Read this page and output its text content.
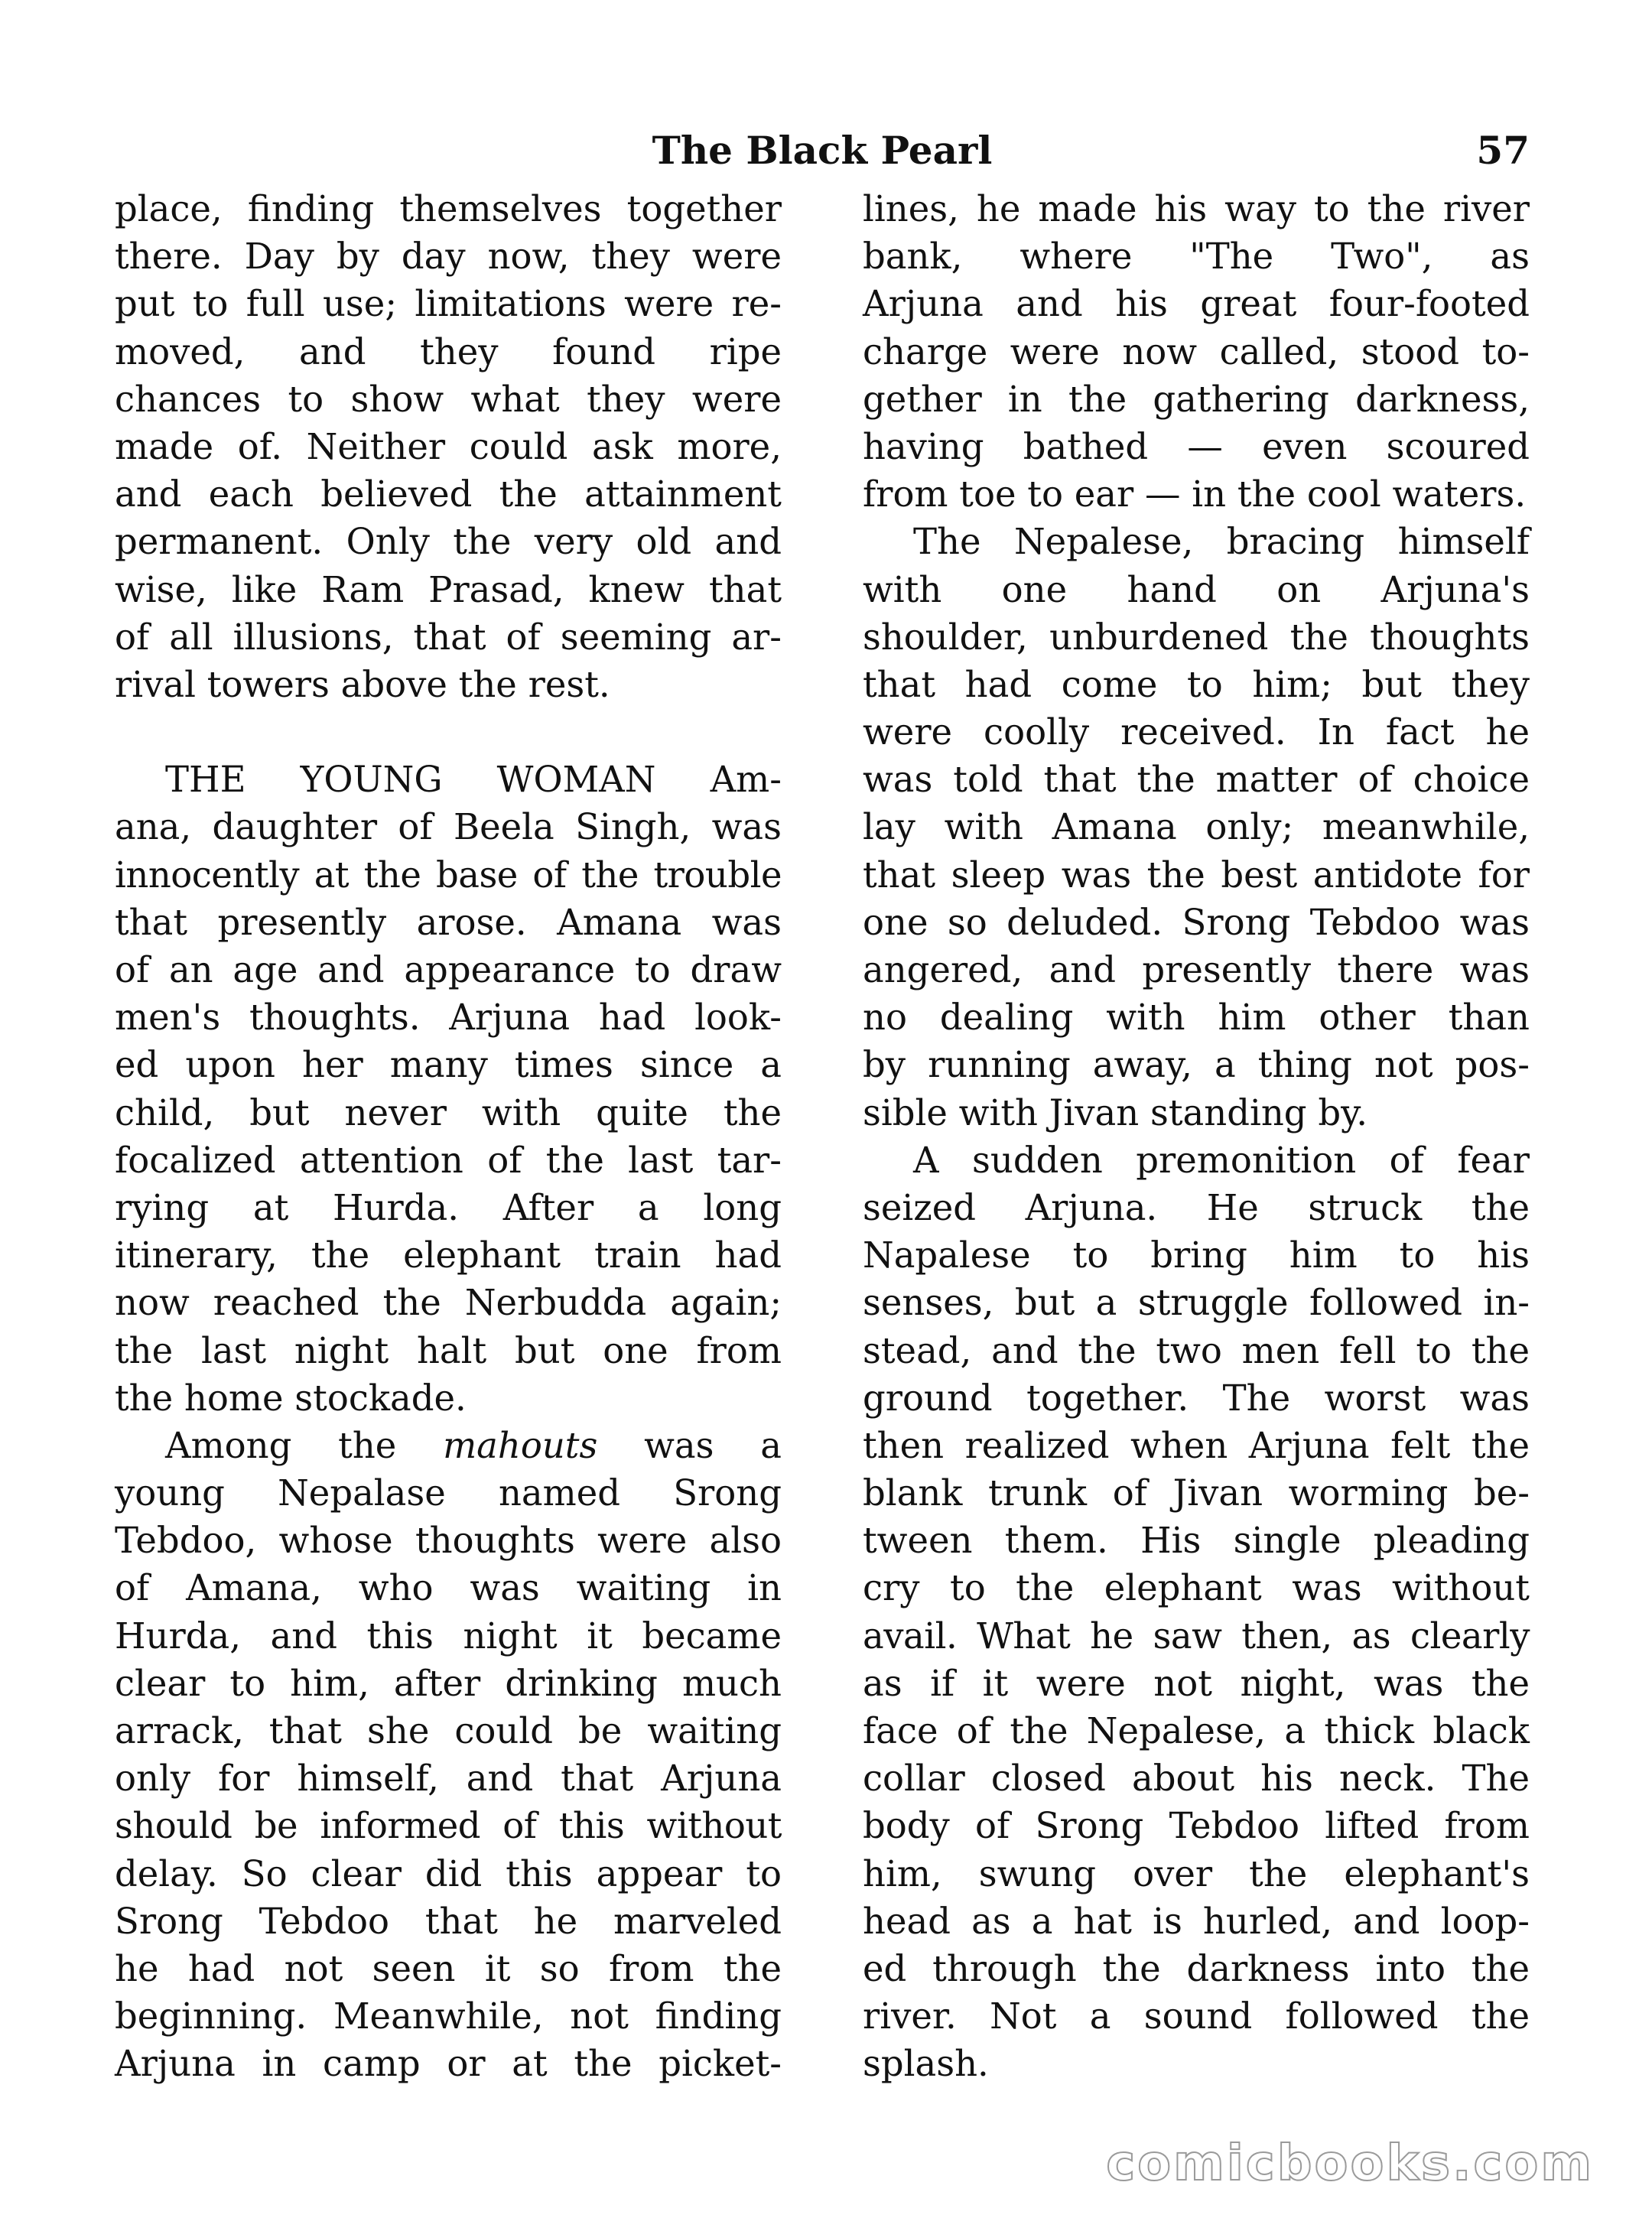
The Black Pearl	57
place, finding themselves together
there. Day by day now, they were
put to full use; limitations were re-
moved, and they found ripe
chances to show what they were
made of. Neither could ask more,
and each believed the attainment
permanent. Only the very old and
wise, like Ram Prasad, knew that
of all illusions, that of seeming ar-
rival towers above the rest.
THE YOUNG WOMAN Am-
ana, daughter of Beela Singh, was
innocently at the base of the trouble
that presently arose. Amana was
of an age and appearance to draw
men's thoughts. Arjuna had look-
ed upon her many times since a
child, but never with quite the
focalized attention of the last tar-
rying at Hurda. After a long
itinerary, the elephant train had
now reached the Nerbudda again;
the last night halt but one from
the home stockade.
Among the mahouts was a
young Nepalase named Srong
Tebdoo, whose thoughts were also
of Amana, who was waiting in
Hurda, and this night it became
clear to him, after drinking much
arrack, that she could be waiting
only for himself, and that Arjuna
should be informed of this without
delay. So clear did this appear to
Srong Tebdoo that he marveled
he had not seen it so from the
beginning. Meanwhile, not finding
Arjuna in camp or at the picket-
lines, he made his way to the river
bank, where "The Two", as
Arjuna and his great four-footed
charge were now called, stood to-
gether in the gathering darkness,
having bathed — even scoured
from toe to ear — in the cool waters.
The Nepalese, bracing himself
with one hand on Arjuna's
shoulder, unburdened the thoughts
that had come to him; but they
were coolly received. In fact he
was told that the matter of choice
lay with Amana only; meanwhile,
that sleep was the best antidote for
one so deluded. Srong Tebdoo was
angered, and presently there was
no dealing with him other than
by running away, a thing not pos-
sible with Jivan standing by.
A sudden premonition of fear
seized Arjuna. He struck the
Napalese to bring him to his
senses, but a struggle followed in-
stead, and the two men fell to the
ground together. The worst was
then realized when Arjuna felt the
blank trunk of Jivan worming be-
tween them. His single pleading
cry to the elephant was without
avail. What he saw then, as clearly
as if it were not night, was the
face of the Nepalese, a thick black
collar closed about his neck. The
body of Srong Tebdoo lifted from
him, swung over the elephant's
head as a hat is hurled, and loop-
ed through the darkness into the
river. Not a sound followed the
splash.
comicbooks.com
